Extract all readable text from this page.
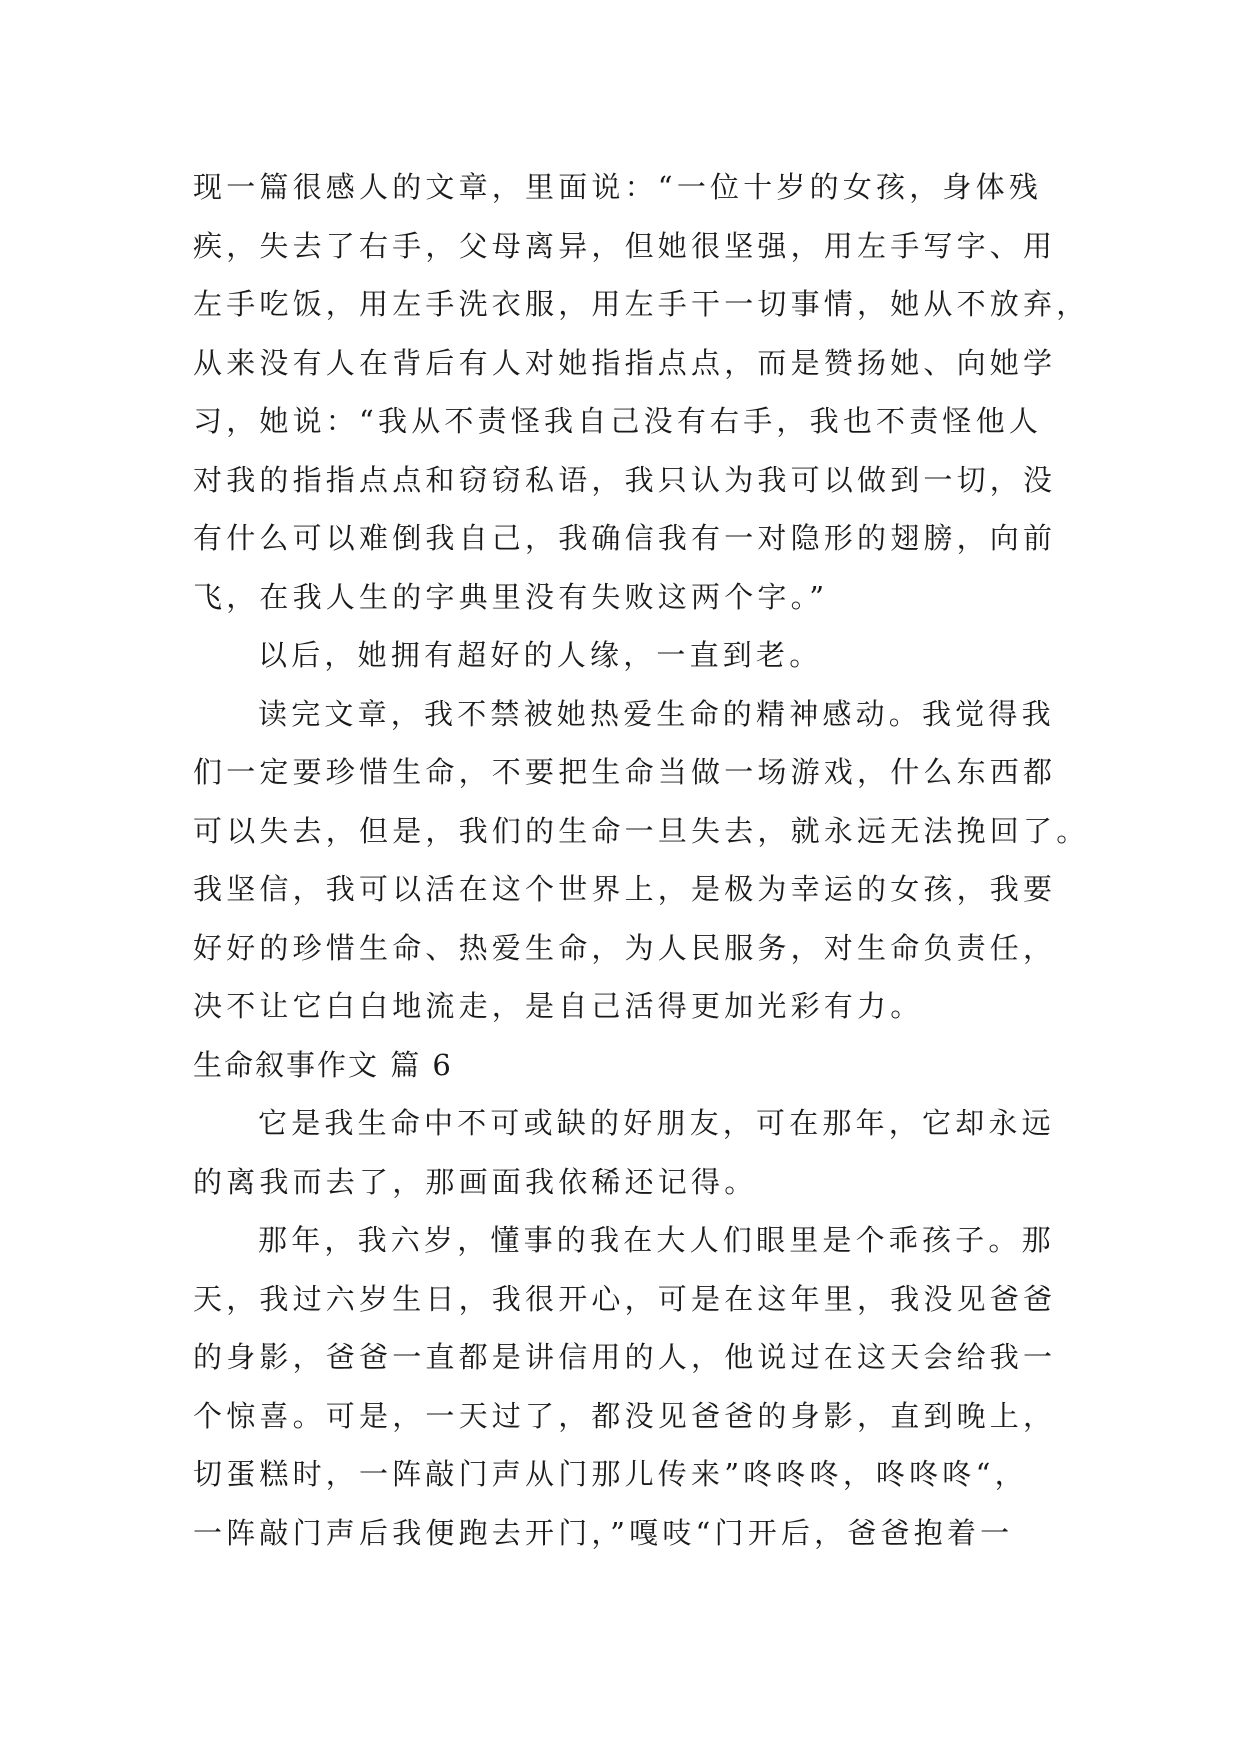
现一篇很感人的文章，里面说：“一位十岁的女孩，身体残
疾，失去了右手，父母离异，但她很坚强，用左手写字、用
左手吃饭，用左手洗衣服，用左手干一切事情，她从不放弃，
从来没有人在背后有人对她指指点点，而是赞扬她、向她学
习，她说：“我从不责怪我自己没有右手，我也不责怪他人
对我的指指点点和窃窃私语，我只认为我可以做到一切，没
有什么可以难倒我自己，我确信我有一对隐形的翅膀，向前
飞，在我人生的字典里没有失败这两个字。”
以后，她拥有超好的人缘，一直到老。
读完文章，我不禁被她热爱生命的精神感动。我觉得我
们一定要珍惜生命，不要把生命当做一场游戏，什么东西都
可以失去，但是，我们的生命一旦失去，就永远无法挽回了。
我坚信，我可以活在这个世界上，是极为幸运的女孩，我要
好好的珍惜生命、热爱生命，为人民服务，对生命负责任，
决不让它白白地流走，是自己活得更加光彩有力。
生命叙事作文 篇 6
它是我生命中不可或缺的好朋友，可在那年，它却永远
的离我而去了，那画面我依稀还记得。
那年，我六岁，懂事的我在大人们眼里是个乖孩子。那
天，我过六岁生日，我很开心，可是在这年里，我没见爸爸
的身影，爸爸一直都是讲信用的人，他说过在这天会给我一
个惊喜。可是，一天过了，都没见爸爸的身影，直到晚上，
切蛋糕时，一阵敲门声从门那儿传来”咚咚咚，咚咚咚“，
一阵敲门声后我便跑去开门，”嘎吱“门开后，爸爸抱着一
